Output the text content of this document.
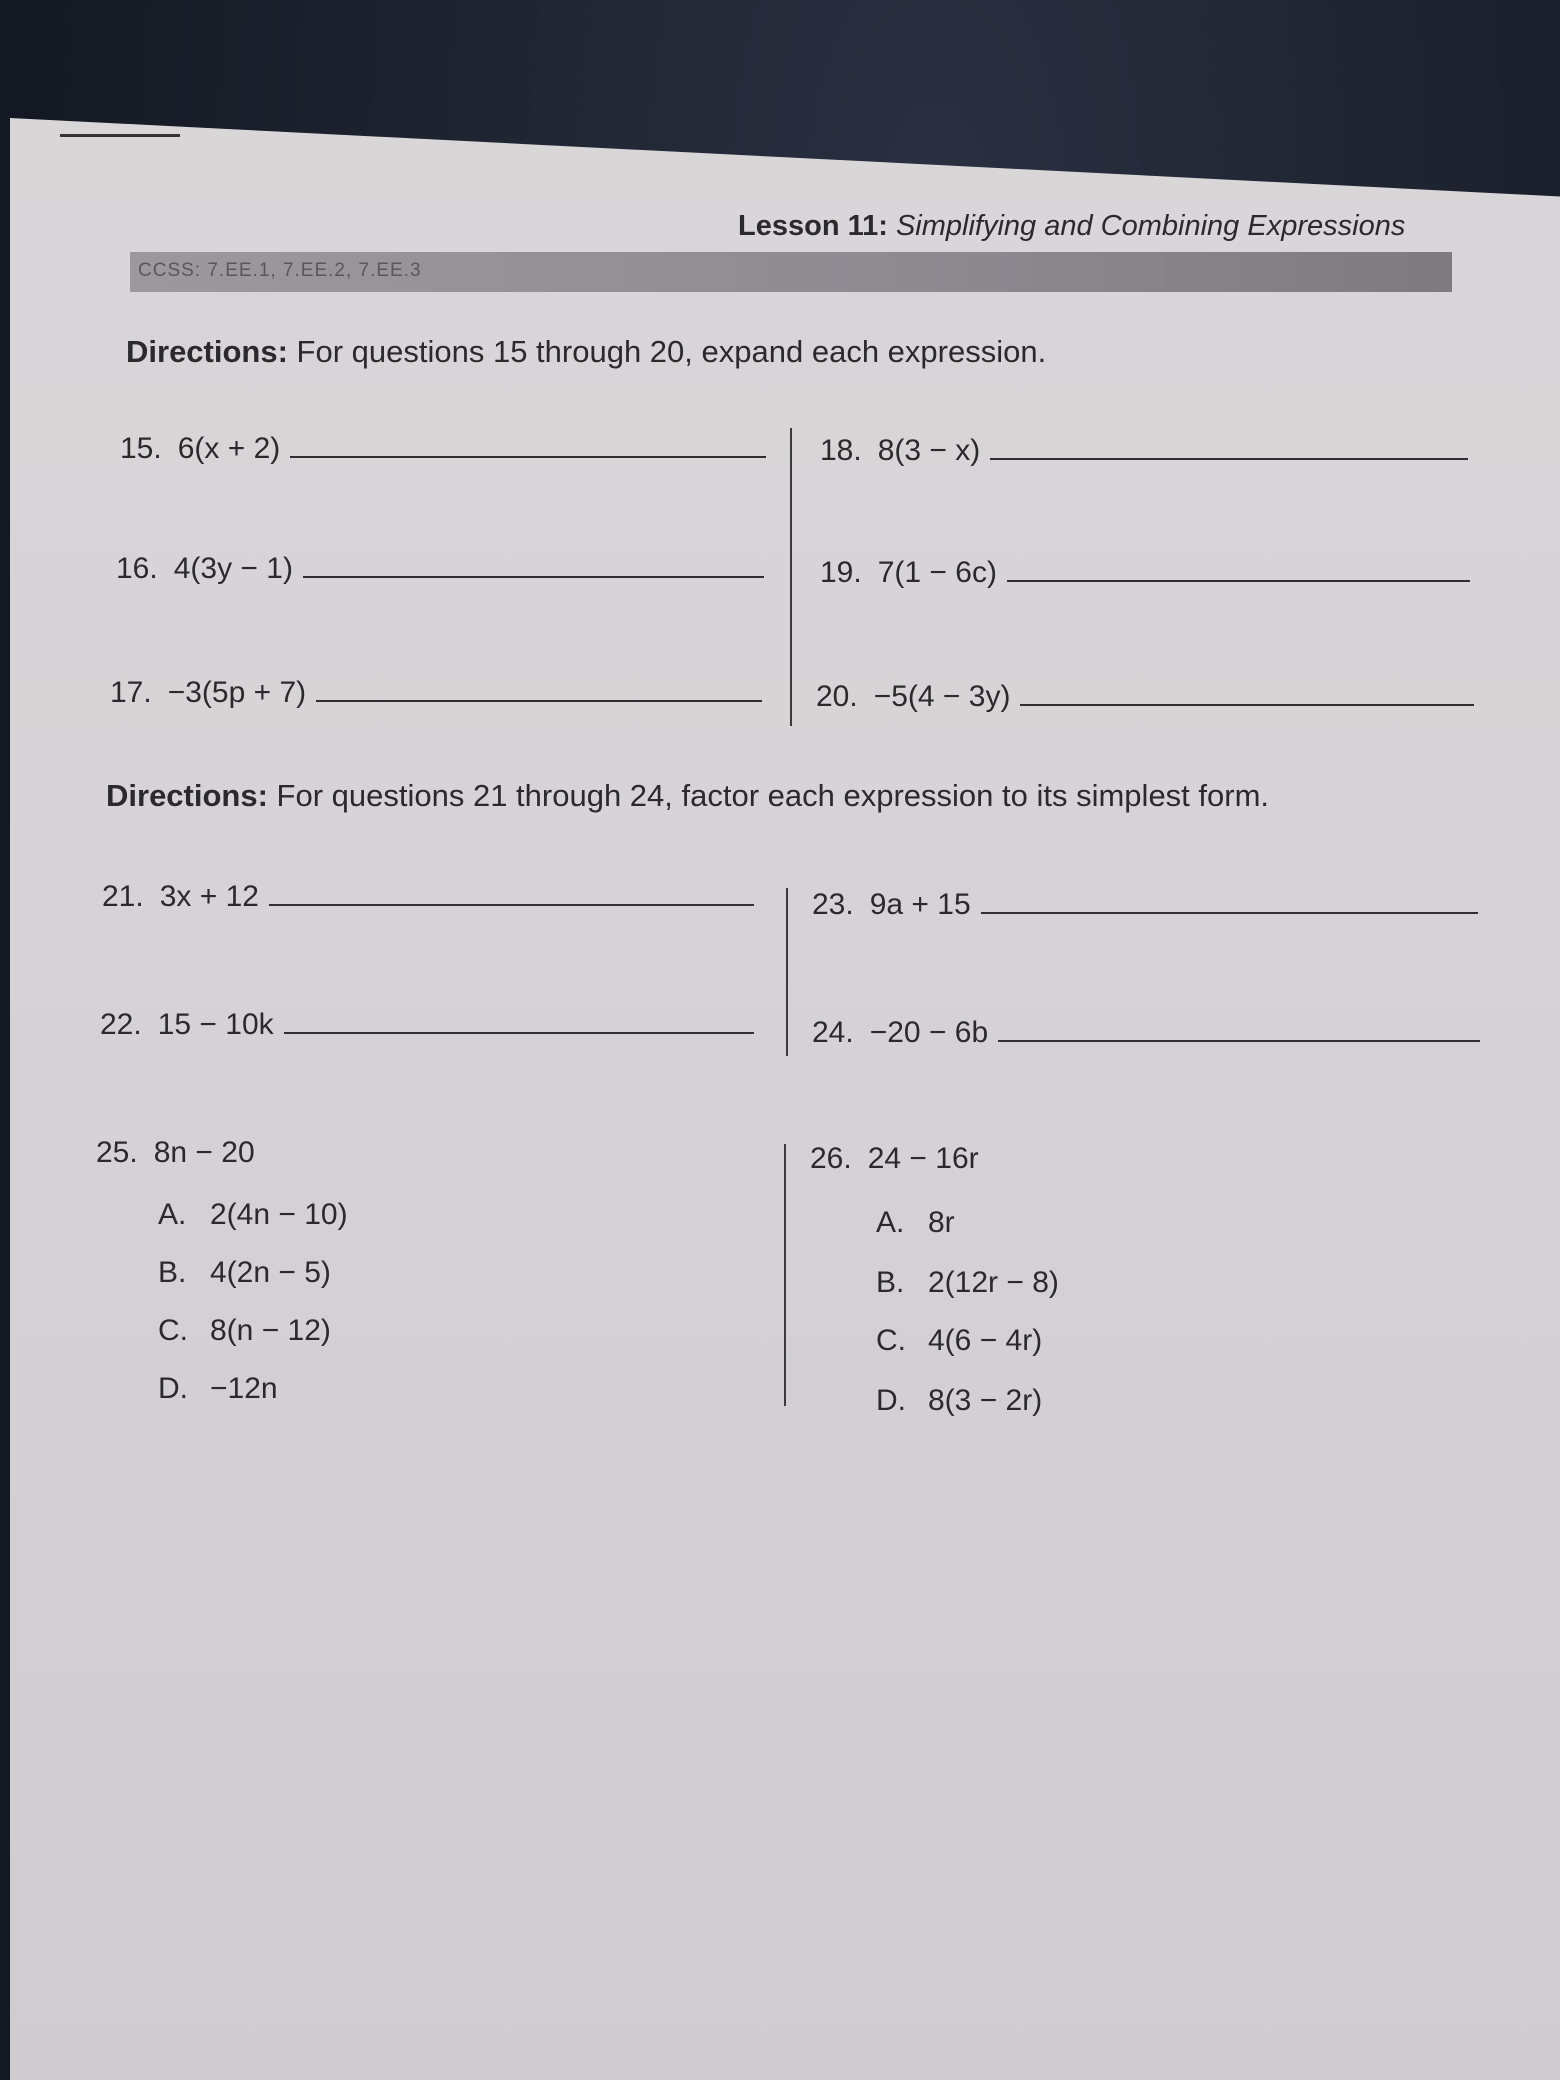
Lesson 11: Simplifying and Combining Expressions
CCSS: 7.EE.1, 7.EE.2, 7.EE.3
Directions: For questions 15 through 20, expand each expression.
15. 6(x + 2)
16. 4(3y − 1)
17. −3(5p + 7)
18. 8(3 − x)
19. 7(1 − 6c)
20. −5(4 − 3y)
Directions: For questions 21 through 24, factor each expression to its simplest form.
21. 3x + 12
22. 15 − 10k
23. 9a + 15
24. −20 − 6b
25. 8n − 20
A. 2(4n − 10)
B. 4(2n − 5)
C. 8(n − 12)
D. −12n
26. 24 − 16r
A. 8r
B. 2(12r − 8)
C. 4(6 − 4r)
D. 8(3 − 2r)
